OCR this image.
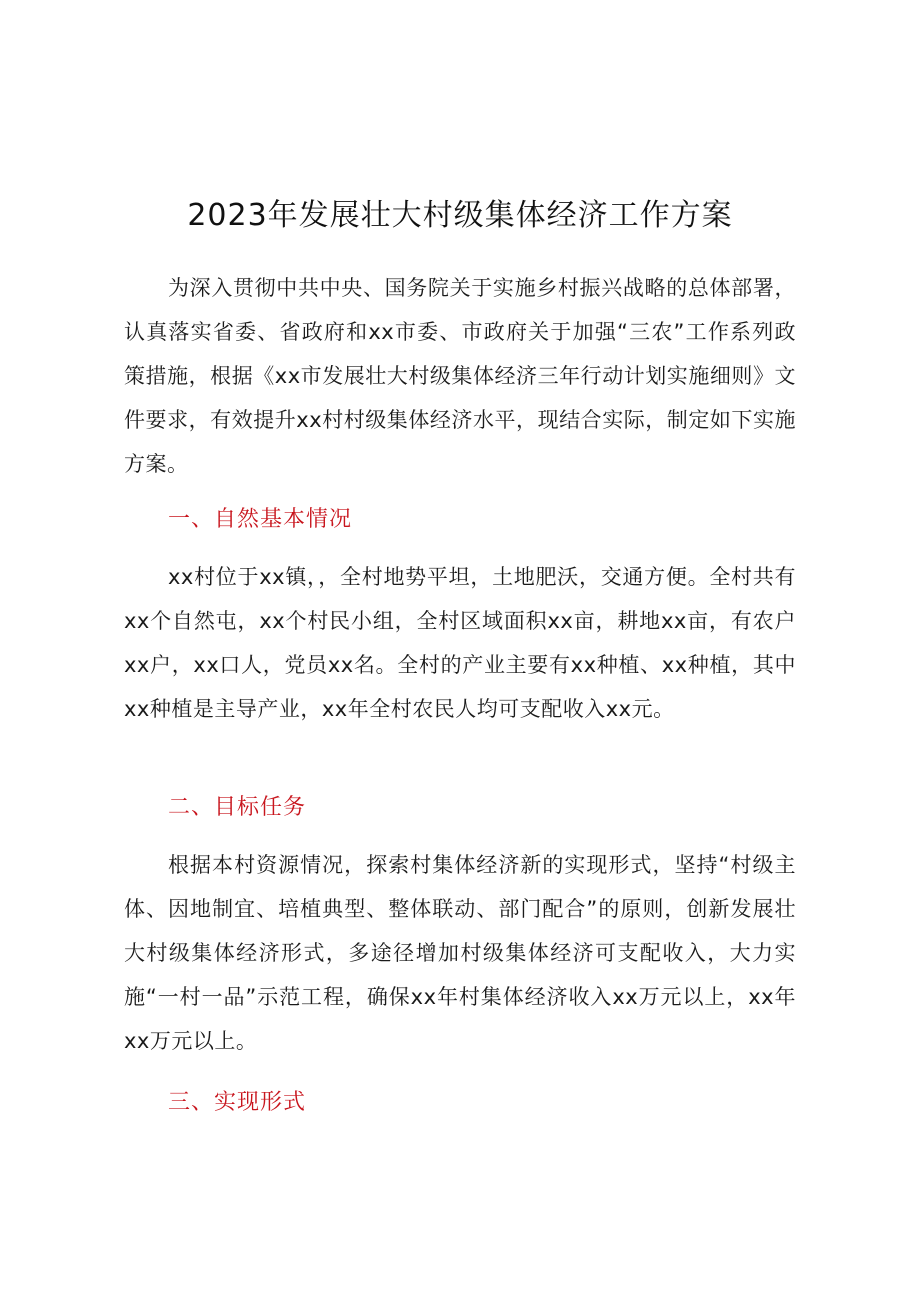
2023年发展壮大村级集体经济工作方案

为深入贯彻中共中央、国务院关于实施乡村振兴战略的总体部署，认真落实省委、省政府和xx市委、市政府关于加强“三农”工作系列政策措施，根据《xx市发展壮大村级集体经济三年行动计划实施细则》文件要求，有效提升xx村村级集体经济水平，现结合实际，制定如下实施方案。

一、自然基本情况

xx村位于xx镇，，全村地势平坦，土地肥沃，交通方便。全村共有xx个自然屯，xx个村民小组，全村区域面积xx亩，耕地xx亩，有农户xx户，xx口人，党员xx名。全村的产业主要有xx种植、xx种植，其中xx种植是主导产业，xx年全村农民人均可支配收入xx元。

二、目标任务

根据本村资源情况，探索村集体经济新的实现形式，坚持“村级主体、因地制宜、培植典型、整体联动、部门配合”的原则，创新发展壮大村级集体经济形式，多途径增加村级集体经济可支配收入，大力实施“一村一品”示范工程，确保xx年村集体经济收入xx万元以上，xx年xx万元以上。

三、实现形式
